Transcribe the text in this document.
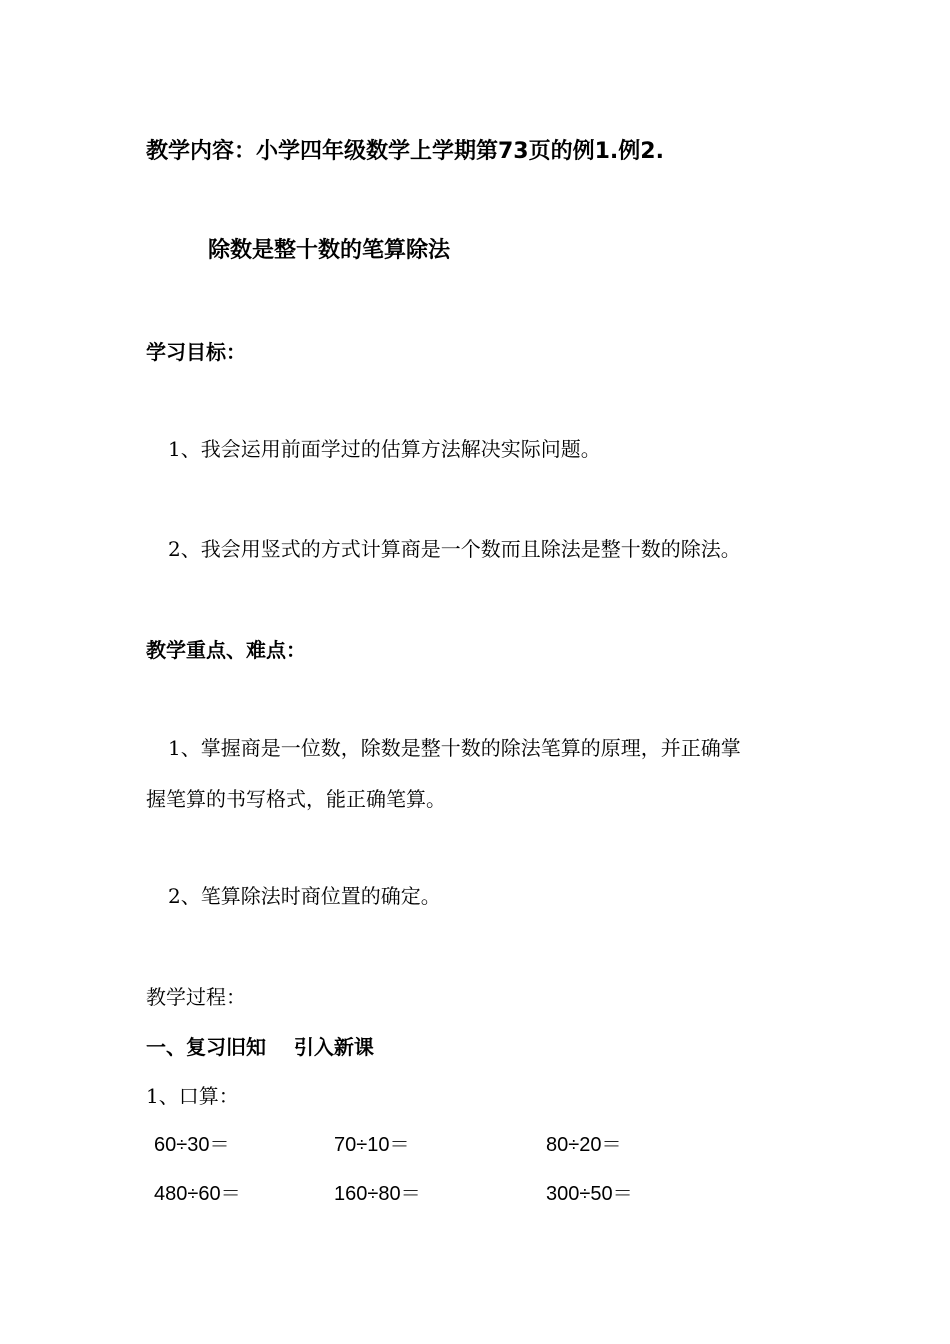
教学内容：小学四年级数学上学期第73页的例1.例2.
除数是整十数的笔算除法
学习目标：
1、我会运用前面学过的估算方法解决实际问题。
2、我会用竖式的方式计算商是一个数而且除法是整十数的除法。
教学重点、难点：
1、掌握商是一位数，除数是整十数的除法笔算的原理，并正确掌
握笔算的书写格式，能正确笔算。
2、笔算除法时商位置的确定。
教学过程：
一、复习旧知    引入新课
1、口算：
60÷30＝	70÷10＝	80÷20＝
480÷60＝	160÷80＝	300÷50＝
